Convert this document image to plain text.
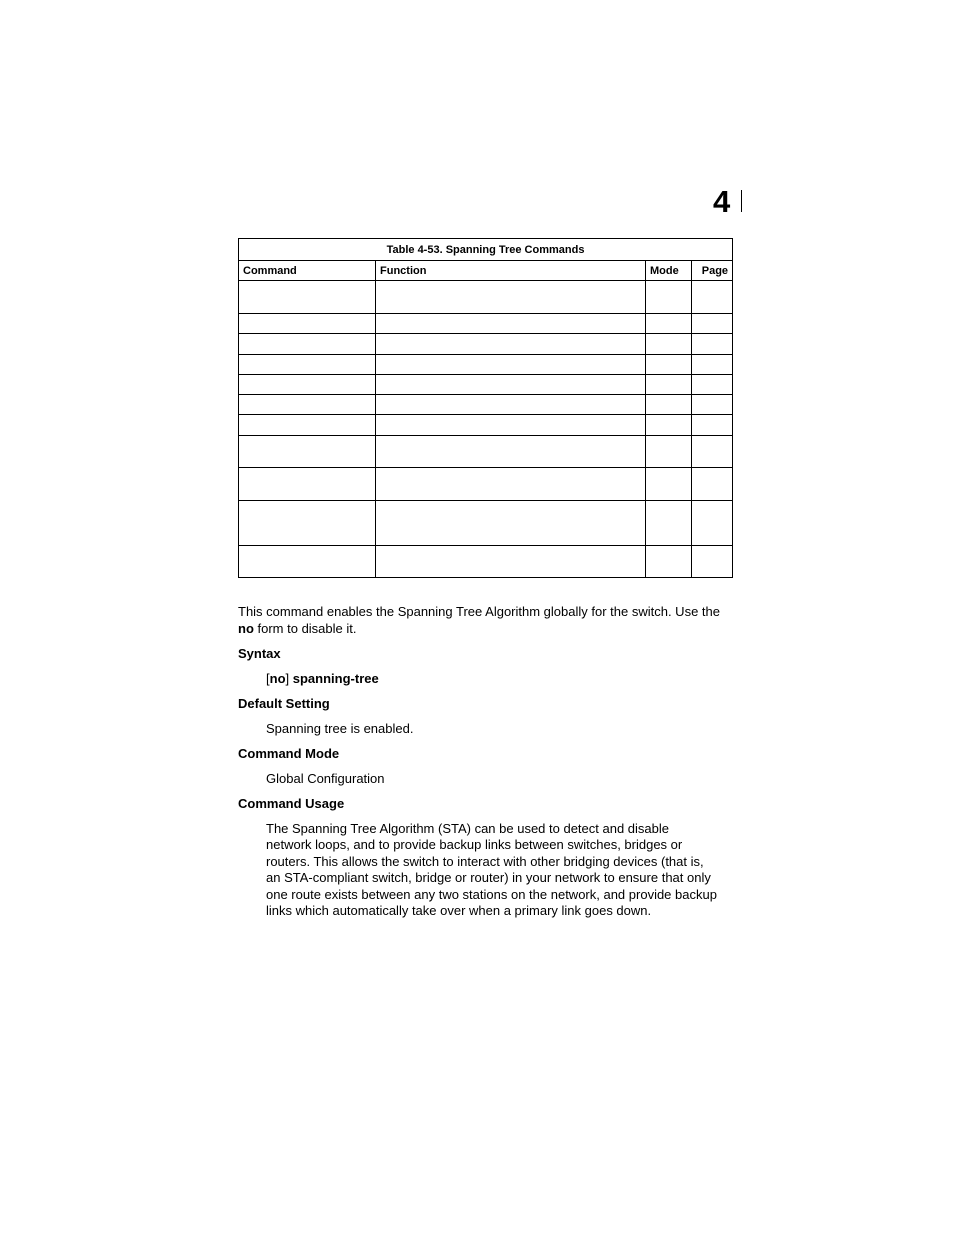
4
Table 4-53. Spanning Tree Commands			
Command	Function	Mode	Page

This command enables the Spanning Tree Algorithm globally for the switch. Use the no form to disable it.

Syntax

[no] spanning-tree

Default Setting

Spanning tree is enabled.

Command Mode

Global Configuration

Command Usage

The Spanning Tree Algorithm (STA) can be used to detect and disable
network loops, and to provide backup links between switches, bridges or
routers. This allows the switch to interact with other bridging devices (that is,
an STA-compliant switch, bridge or router) in your network to ensure that only
one route exists between any two stations on the network, and provide backup
links which automatically take over when a primary link goes down.
